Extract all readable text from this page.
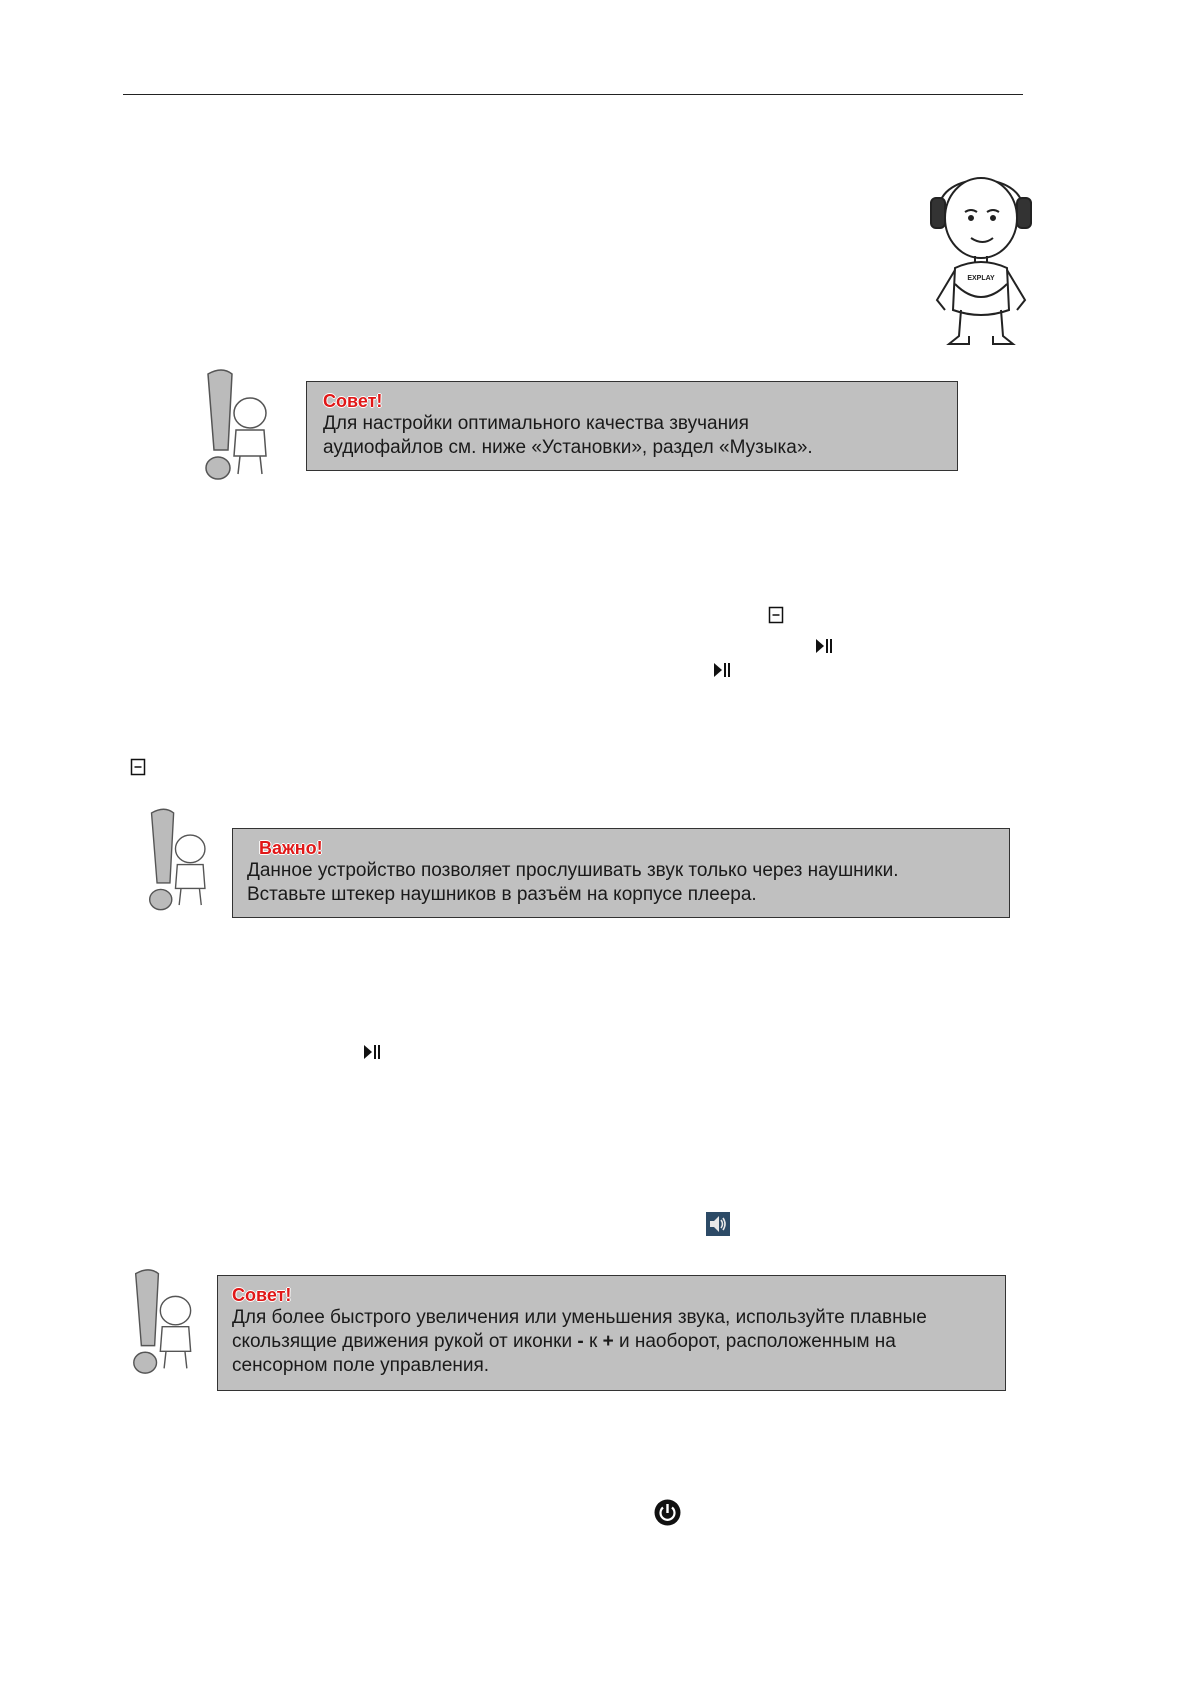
EXPLAY
Совет!
Для настройки оптимального качества звучания
аудиофайлов см. ниже «Установки», раздел «Музыка».
Важно!
Данное устройство позволяет прослушивать звук только через наушники.
Вставьте штекер наушников в разъём на корпусе плеера.
Совет!
Для более быстрого увеличения или уменьшения звука, используйте плавные
скользящие движения рукой от иконки - к + и наоборот, расположенным на
сенсорном поле управления.
